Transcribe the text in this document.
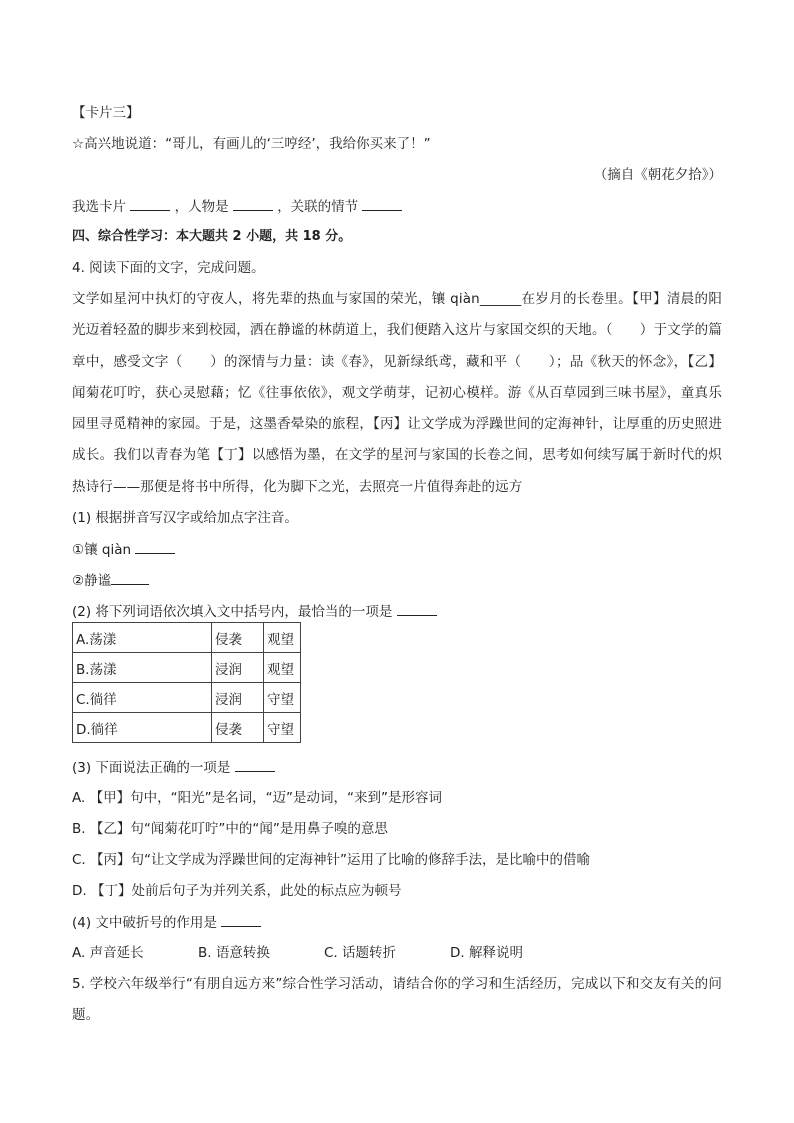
【卡片三】
☆高兴地说道：“哥儿，有画儿的‘三哼经’，我给你买来了！”
（摘自《朝花夕拾》）
我选卡片	，人物是	，关联的情节
四、综合性学习：本大题共 2 小题，共 18 分。
4. 阅读下面的文字，完成问题。
文学如星河中执灯的守夜人，将先辈的热血与家国的荣光，镶 qiàn______在岁月的长卷里。【甲】清晨的阳光迈着轻盈的脚步来到校园，洒在静谧的林荫道上，我们便踏入这片与家国交织的天地。（　　）于文学的篇章中，感受文字（　　）的深情与力量：读《春》，见新绿纸鸢，藏和平（　　）；品《秋天的怀念》，【乙】闻菊花叮咛，获心灵慰藉；忆《往事依依》，观文学萌芽，记初心模样。游《从百草园到三味书屋》，童真乐园里寻觅精神的家园。于是，这墨香晕染的旅程，【丙】让文学成为浮躁世间的定海神针，让厚重的历史照进成长。我们以青春为笔【丁】以感悟为墨，在文学的星河与家国的长卷之间，思考如何续写属于新时代的炽热诗行——那便是将书中所得，化为脚下之光，去照亮一片值得奔赴的远方
(1) 根据拼音写汉字或给加点字注音。
①镶 qiàn
②静谧
(2) 将下列词语依次填入文中括号内，最恰当的一项是
A.荡漾	侵袭	观望
B.荡漾	浸润	观望
C.徜徉	浸润	守望
D.徜徉	侵袭	守望
(3) 下面说法正确的一项是
A. 【甲】句中，“阳光”是名词，“迈”是动词，“来到”是形容词
B. 【乙】句“闻菊花叮咛”中的“闻”是用鼻子嗅的意思
C. 【丙】句“让文学成为浮躁世间的定海神针”运用了比喻的修辞手法，是比喻中的借喻
D. 【丁】处前后句子为并列关系，此处的标点应为顿号
(4) 文中破折号的作用是
A. 声音延长	B. 语意转换	C. 话题转折	D. 解释说明
5. 学校六年级举行“有朋自远方来”综合性学习活动，请结合你的学习和生活经历，完成以下和交友有关的问题。
